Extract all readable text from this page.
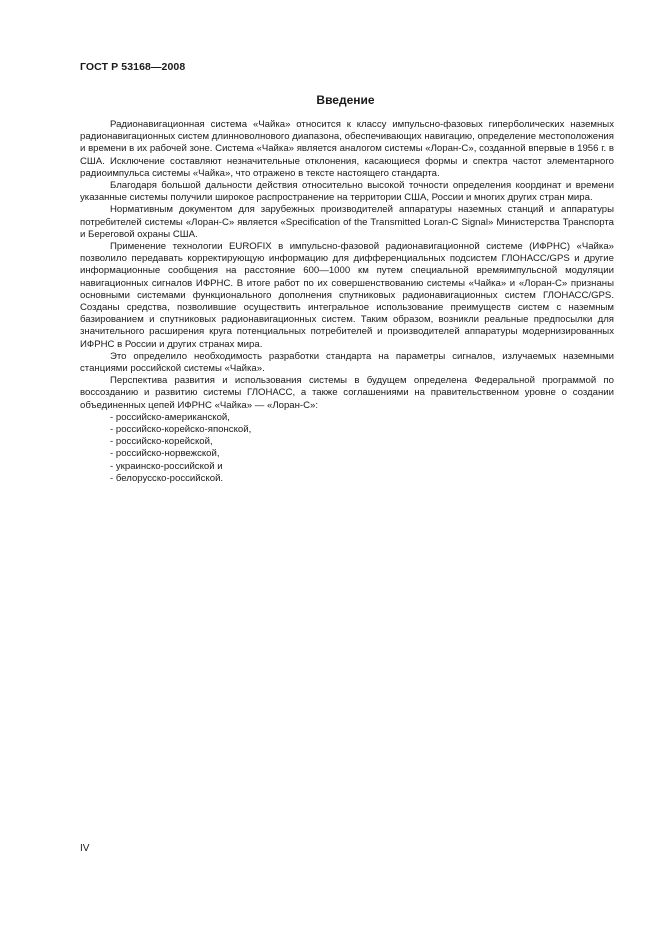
ГОСТ Р 53168—2008
Введение

Радионавигационная система «Чайка» относится к классу импульсно-фазовых гиперболических наземных радионавигационных систем длинноволнового диапазона, обеспечивающих навигацию, определение местоположения и времени в их рабочей зоне. Система «Чайка» является аналогом системы «Лоран-С», созданной впервые в 1956 г. в США. Исключение составляют незначительные отклонения, касающиеся формы и спектра частот элементарного радиоимпульса системы «Чайка», что отражено в тексте настоящего стандарта.

Благодаря большой дальности действия относительно высокой точности определения координат и времени указанные системы получили широкое распространение на территории США, России и многих других стран мира.

Нормативным документом для зарубежных производителей аппаратуры наземных станций и аппаратуры потребителей системы «Лоран-С» является «Specification of the Transmitted Loran-C Signal» Министерства Транспорта и Береговой охраны США.

Применение технологии EUROFIX в импульсно-фазовой радионавигационной системе (ИФРНС) «Чайка» позволило передавать корректирующую информацию для дифференциальных подсистем ГЛОНАСС/GPS и другие информационные сообщения на расстояние 600—1000 км путем специальной времяимпульсной модуляции навигационных сигналов ИФРНС. В итоге работ по их совершенствованию системы «Чайка» и «Лоран-С» признаны основными системами функционального дополнения спутниковых радионавигационных систем ГЛОНАСС/GPS. Созданы средства, позволившие осуществить интегральное использование преимуществ систем с наземным базированием и спутниковых радионавигационных систем. Таким образом, возникли реальные предпосылки для значительного расширения круга потенциальных потребителей и производителей аппаратуры модернизированных ИФРНС в России и других странах мира.

Это определило необходимость разработки стандарта на параметры сигналов, излучаемых наземными станциями российской системы «Чайка».

Перспектива развития и использования системы в будущем определена Федеральной программой по воссозданию и развитию системы ГЛОНАСС, а также соглашениями на правительственном уровне о создании объединенных цепей ИФРНС «Чайка» — «Лоран-С»:

- российско-американской,
- российско-корейско-японской,
- российско-корейской,
- российско-норвежской,
- украинско-российской и
- белорусско-российской.
IV
